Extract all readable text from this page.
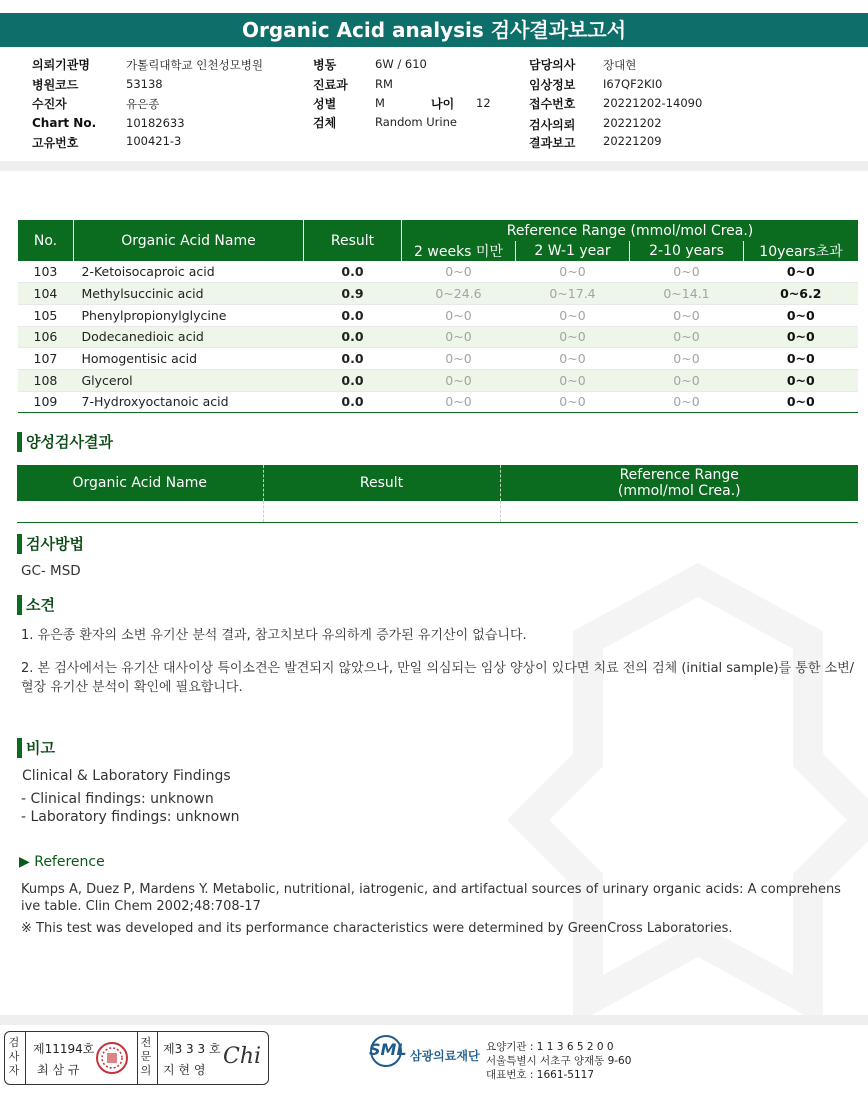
Organic Acid analysis 검사결과보고서
의뢰기관명	가톨릭대학교 인천성모병원
병원코드	53138
수진자	유은종
Chart No.	10182633
고유번호	100421-3
병동	6W / 610
진료과 RM
성별	M	나이 12
검체	Random Urine
담당의사 장대현
임상정보 I67QF2KI0
접수번호 20221202-14090
검사의뢰 20221202
결과보고 20221209
No.	Organic Acid Name	Result	Reference Range (mmol/mol Crea.)			
			2 weeks 미만	2 W-1 year	2-10 years	10years초과
103	2-Ketoisocaproic acid	0.0	0~0	0~0	0~0	0~0
104	Methylsuccinic acid	0.9	0~24.6	0~17.4	0~14.1	0~6.2
105	Phenylpropionylglycine	0.0	0~0	0~0	0~0	0~0
106	Dodecanedioic acid	0.0	0~0	0~0	0~0	0~0
107	Homogentisic acid	0.0	0~0	0~0	0~0	0~0
108	Glycerol	0.0	0~0	0~0	0~0	0~0
109	7-Hydroxyoctanoic acid	0.0	0~0	0~0	0~0	0~0
양성검사결과
Organic Acid Name	Result	Reference Range
(mmol/mol Crea.)

검사방법
GC- MSD
소견
1. 유은종 환자의 소변 유기산 분석 결과, 참고치보다 유의하게 증가된 유기산이 없습니다.
2. 본 검사에서는 유기산 대사이상 특이소견은 발견되지 않았으나, 만일 의심되는 임상 양상이 있다면 치료 전의 검체 (initial sample)를 통한 소변/혈장 유기산 분석이 확인에 필요합니다.
비고
Clinical & Laboratory Findings
- Clinical findings: unknown
- Laboratory findings: unknown
▶ Reference
Kumps A, Duez P, Mardens Y. Metabolic, nutritional, iatrogenic, and artifactual sources of urinary organic acids: A comprehensive table. Clin Chem 2002;48:708-17
※ This test was developed and its performance characteristics were determined by GreenCross Laboratories.
검사자
제11194호
최 삼 규
전문의
제3 3 3 호
지 현 영
Chi	SML 삼광의료재단
요양기관 : 1 1 3 6 5 2 0 0
서울특별시 서초구 양재동 9-60
대표번호 : 1661-5117
